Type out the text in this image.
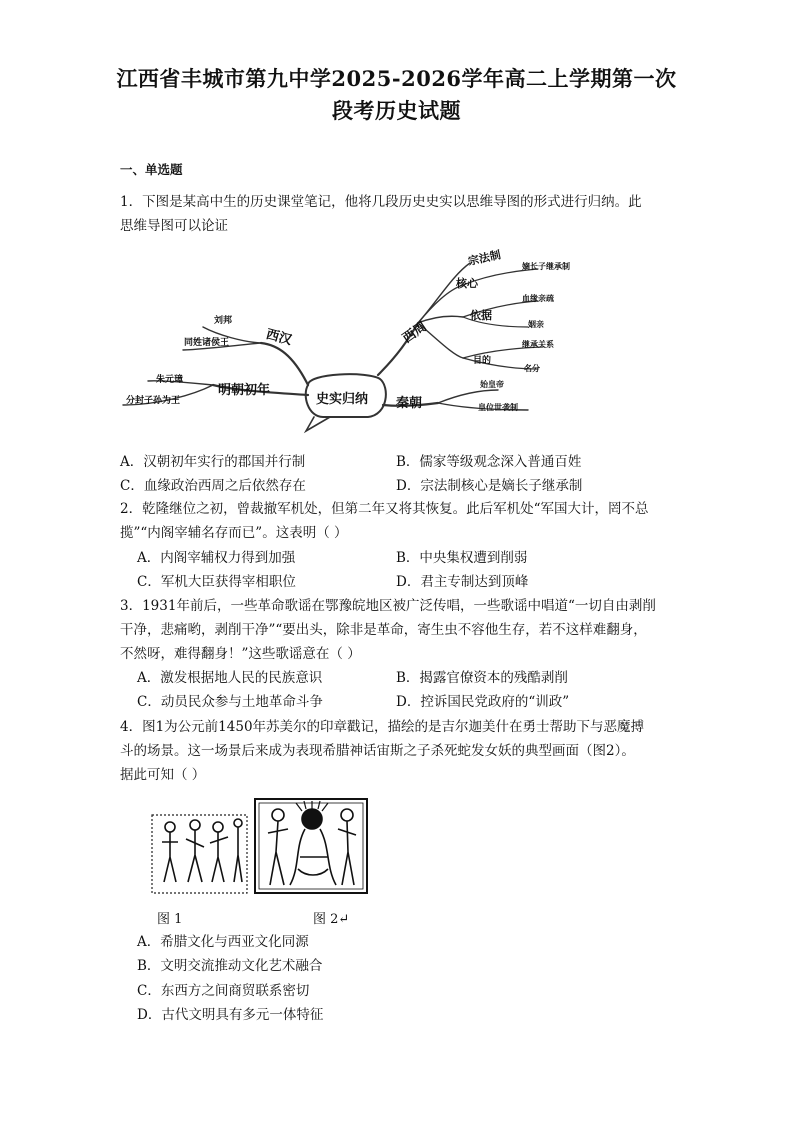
江西省丰城市第九中学2025-2026学年高二上学期第一次
段考历史试题
一、单选题
1．下图是某高中生的历史课堂笔记，他将几段历史史实以思维导图的形式进行归纳。此
思维导图可以论证
史实归纳
西汉
刘邦
同姓诸侯王
明朝初年
朱元璋
分封子孙为王
西周
宗法制
核心
嫡长子继承制
依据
血缘亲疏
姻亲
目的
继承关系
名分
秦朝
始皇帝
皇位世袭制
A．汉朝初年实行的郡国并行制	B．儒家等级观念深入普通百姓
C．血缘政治西周之后依然存在	D．宗法制核心是嫡长子继承制
2．乾隆继位之初，曾裁撤军机处，但第二年又将其恢复。此后军机处“军国大计，罔不总
揽”“内阁宰辅名存而已”。这表明（ ）
A．内阁宰辅权力得到加强	B．中央集权遭到削弱
C．军机大臣获得宰相职位	D．君主专制达到顶峰
3．1931年前后，一些革命歌谣在鄂豫皖地区被广泛传唱，一些歌谣中唱道“一切自由剥削
干净，悲痛哟，剥削干净”“要出头，除非是革命，寄生虫不容他生存，若不这样难翻身，
不然呀，难得翻身！”这些歌谣意在（ ）
A．激发根据地人民的民族意识	B．揭露官僚资本的残酷剥削
C．动员民众参与土地革命斗争	D．控诉国民党政府的“训政”
4．图1为公元前1450年苏美尔的印章戳记，描绘的是吉尔迦美什在勇士帮助下与恶魔搏
斗的场景。这一场景后来成为表现希腊神话宙斯之子杀死蛇发女妖的典型画面（图2）。
据此可知（ ）
图 1	图 2↵
A．希腊文化与西亚文化同源
B．文明交流推动文化艺术融合
C．东西方之间商贸联系密切
D．古代文明具有多元一体特征
